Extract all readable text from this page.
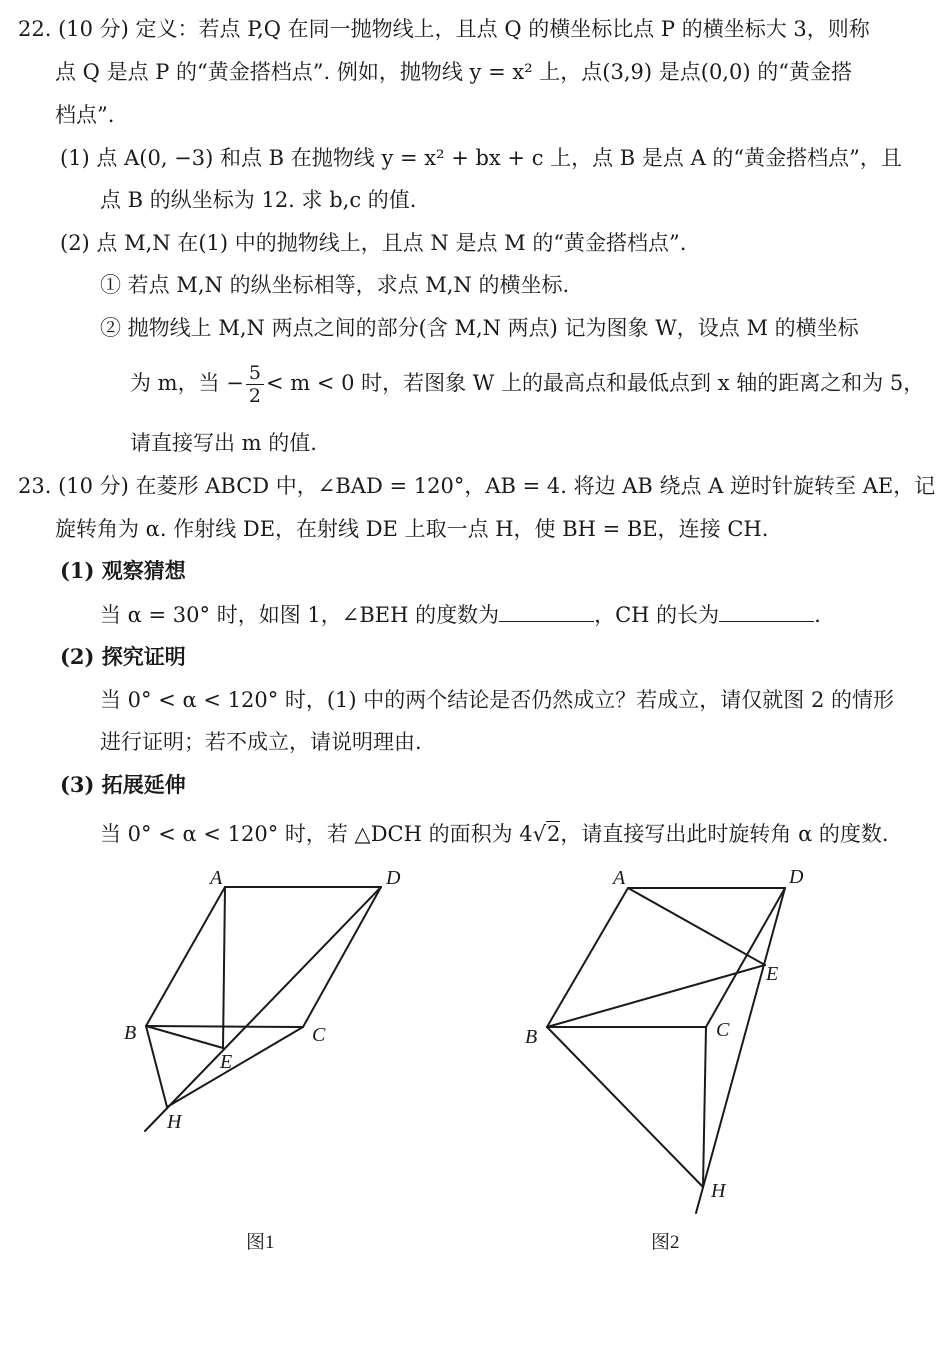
22. (10 分) 定义：若点 P,Q 在同一抛物线上，且点 Q 的横坐标比点 P 的横坐标大 3，则称
点 Q 是点 P 的“黄金搭档点”. 例如，抛物线 y = x² 上，点(3,9) 是点(0,0) 的“黄金搭
档点”.
(1) 点 A(0, −3) 和点 B 在抛物线 y = x² + bx + c 上，点 B 是点 A 的“黄金搭档点”，且
点 B 的纵坐标为 12. 求 b,c 的值.
(2) 点 M,N 在(1) 中的抛物线上，且点 N 是点 M 的“黄金搭档点”.
① 若点 M,N 的纵坐标相等，求点 M,N 的横坐标.
② 抛物线上 M,N 两点之间的部分(含 M,N 两点) 记为图象 W，设点 M 的横坐标
为 m，当 − $\frac{5}{2} < m < 0$ 时，若图象 W 上的最高点和最低点到 x 轴的距离之和为 5，
请直接写出 m 的值.
23. (10 分) 在菱形 ABCD 中，∠BAD = 120°，AB = 4. 将边 AB 绕点 A 逆时针旋转至 AE，记
旋转角为 α. 作射线 DE，在射线 DE 上取一点 H，使 BH = BE，连接 CH.
(1) 观察猜想
当 α = 30° 时，如图 1，∠BEH 的度数为	，CH 的长为	.
(2) 探究证明
当 0° < α < 120° 时，(1) 中的两个结论是否仍然成立？若成立，请仅就图 2 的情形
进行证明；若不成立，请说明理由.
(3) 拓展延伸
当 0° < α < 120° 时，若 △DCH 的面积为 4√2，请直接写出此时旋转角 α 的度数.
A	D
B	C
E
H
图1
A	D
B	C
E
H
图2
